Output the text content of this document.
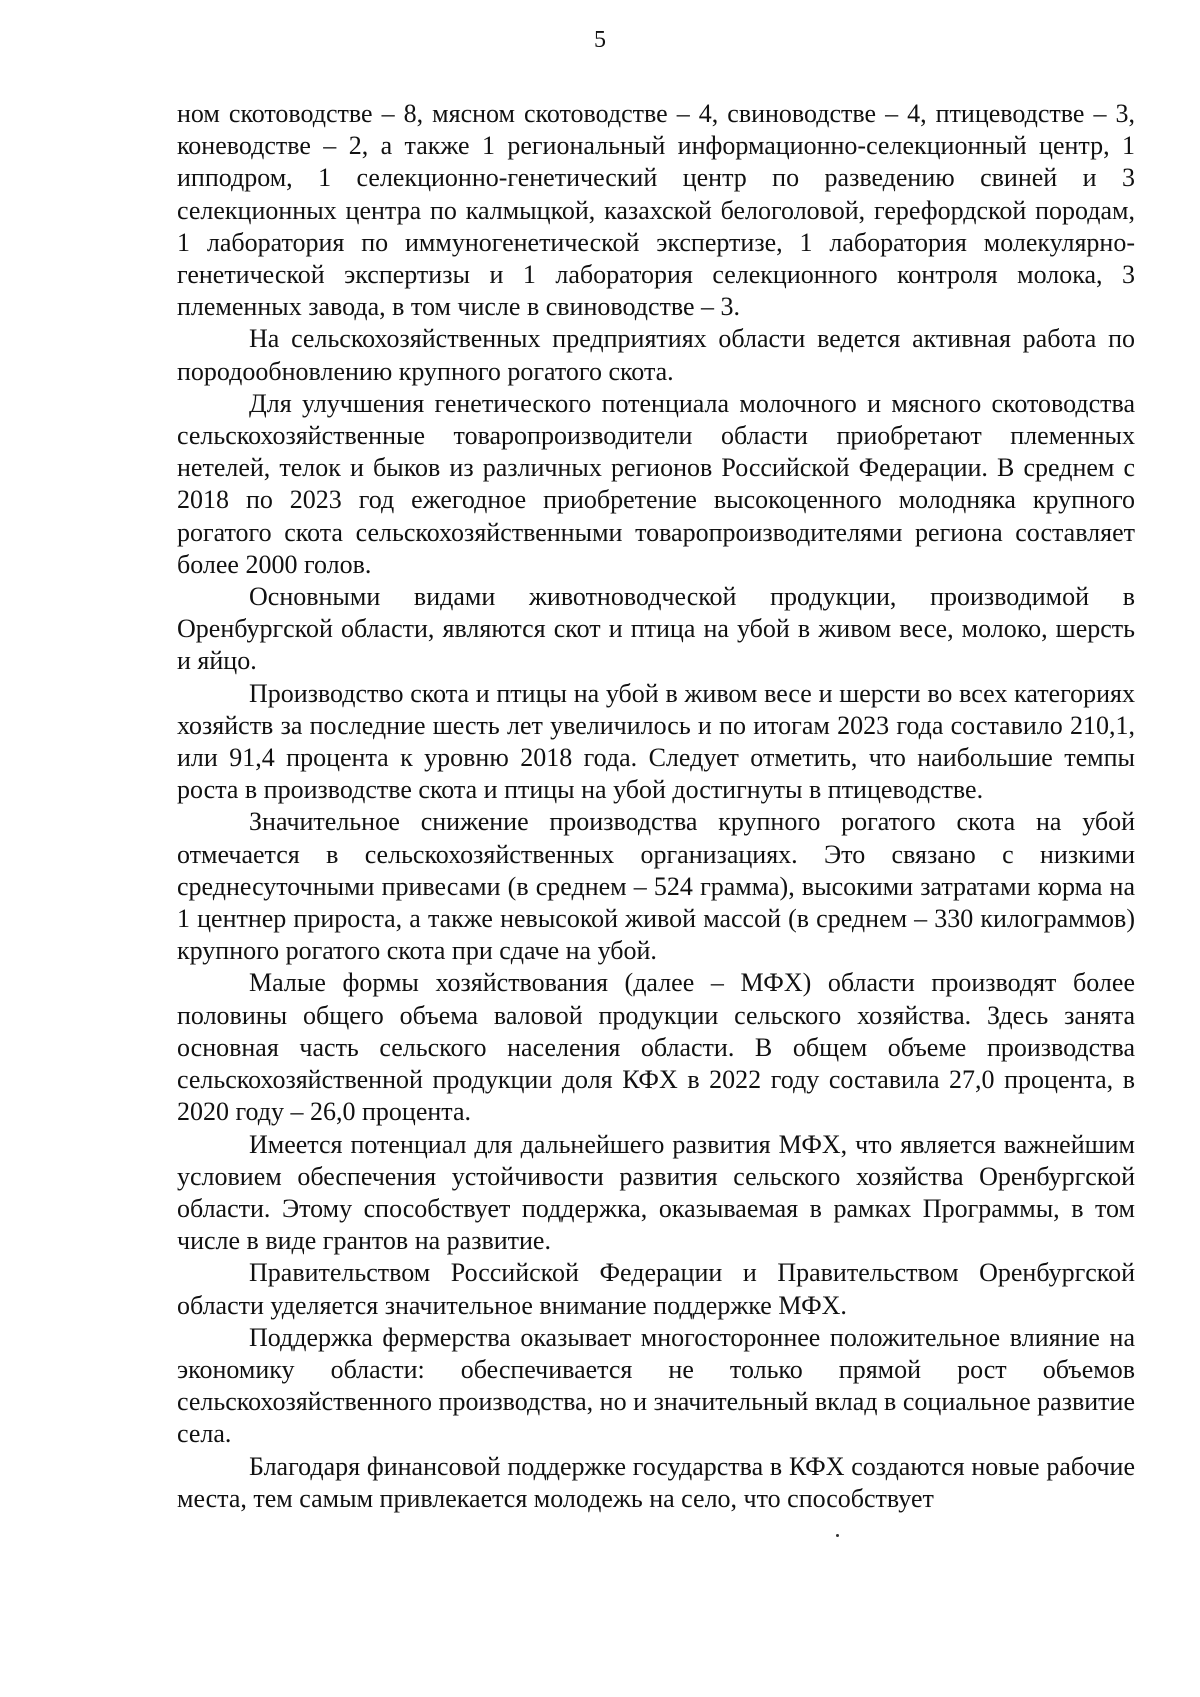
5

ном скотоводстве – 8, мясном скотоводстве – 4, свиноводстве – 4, птицеводстве – 3, коневодстве – 2, а также 1 региональный информационно-селекционный центр, 1 ипподром, 1 селекционно-генетический центр по разведению свиней и 3 селекционных центра по калмыцкой, казахской белоголовой, герефордской породам, 1 лаборатория по иммуногенетической экспертизе, 1 лаборатория молекулярно-генетической экспертизы и 1 лаборатория селекционного контроля молока, 3 племенных завода, в том числе в свиноводстве – 3.

На сельскохозяйственных предприятиях области ведется активная работа по породообновлению крупного рогатого скота.

Для улучшения генетического потенциала молочного и мясного скотоводства сельскохозяйственные товаропроизводители области приобретают племенных нетелей, телок и быков из различных регионов Российской Федерации. В среднем с 2018 по 2023 год ежегодное приобретение высокоценного молодняка крупного рогатого скота сельскохозяйственными товаропроизводителями региона составляет более 2000 голов.

Основными видами животноводческой продукции, производимой в Оренбургской области, являются скот и птица на убой в живом весе, молоко, шерсть и яйцо.

Производство скота и птицы на убой в живом весе и шерсти во всех категориях хозяйств за последние шесть лет увеличилось и по итогам 2023 года составило 210,1, или 91,4 процента к уровню 2018 года. Следует отметить, что наибольшие темпы роста в производстве скота и птицы на убой достигнуты в птицеводстве.

Значительное снижение производства крупного рогатого скота на убой отмечается в сельскохозяйственных организациях. Это связано с низкими среднесуточными привесами (в среднем – 524 грамма), высокими затратами корма на 1 центнер прироста, а также невысокой живой массой (в среднем – 330 килограммов) крупного рогатого скота при сдаче на убой.

Малые формы хозяйствования (далее – МФХ) области производят более половины общего объема валовой продукции сельского хозяйства. Здесь занята основная часть сельского населения области. В общем объеме производства сельскохозяйственной продукции доля КФХ в 2022 году составила 27,0 процента, в 2020 году – 26,0 процента.

Имеется потенциал для дальнейшего развития МФХ, что является важнейшим условием обеспечения устойчивости развития сельского хозяйства Оренбургской области. Этому способствует поддержка, оказываемая в рамках Программы, в том числе в виде грантов на развитие.

Правительством Российской Федерации и Правительством Оренбургской области уделяется значительное внимание поддержке МФХ.

Поддержка фермерства оказывает многостороннее положительное влияние на экономику области: обеспечивается не только прямой рост объемов сельскохозяйственного производства, но и значительный вклад в социальное развитие села.

Благодаря финансовой поддержке государства в КФХ создаются новые рабочие места, тем самым привлекается молодежь на село, что способствует
